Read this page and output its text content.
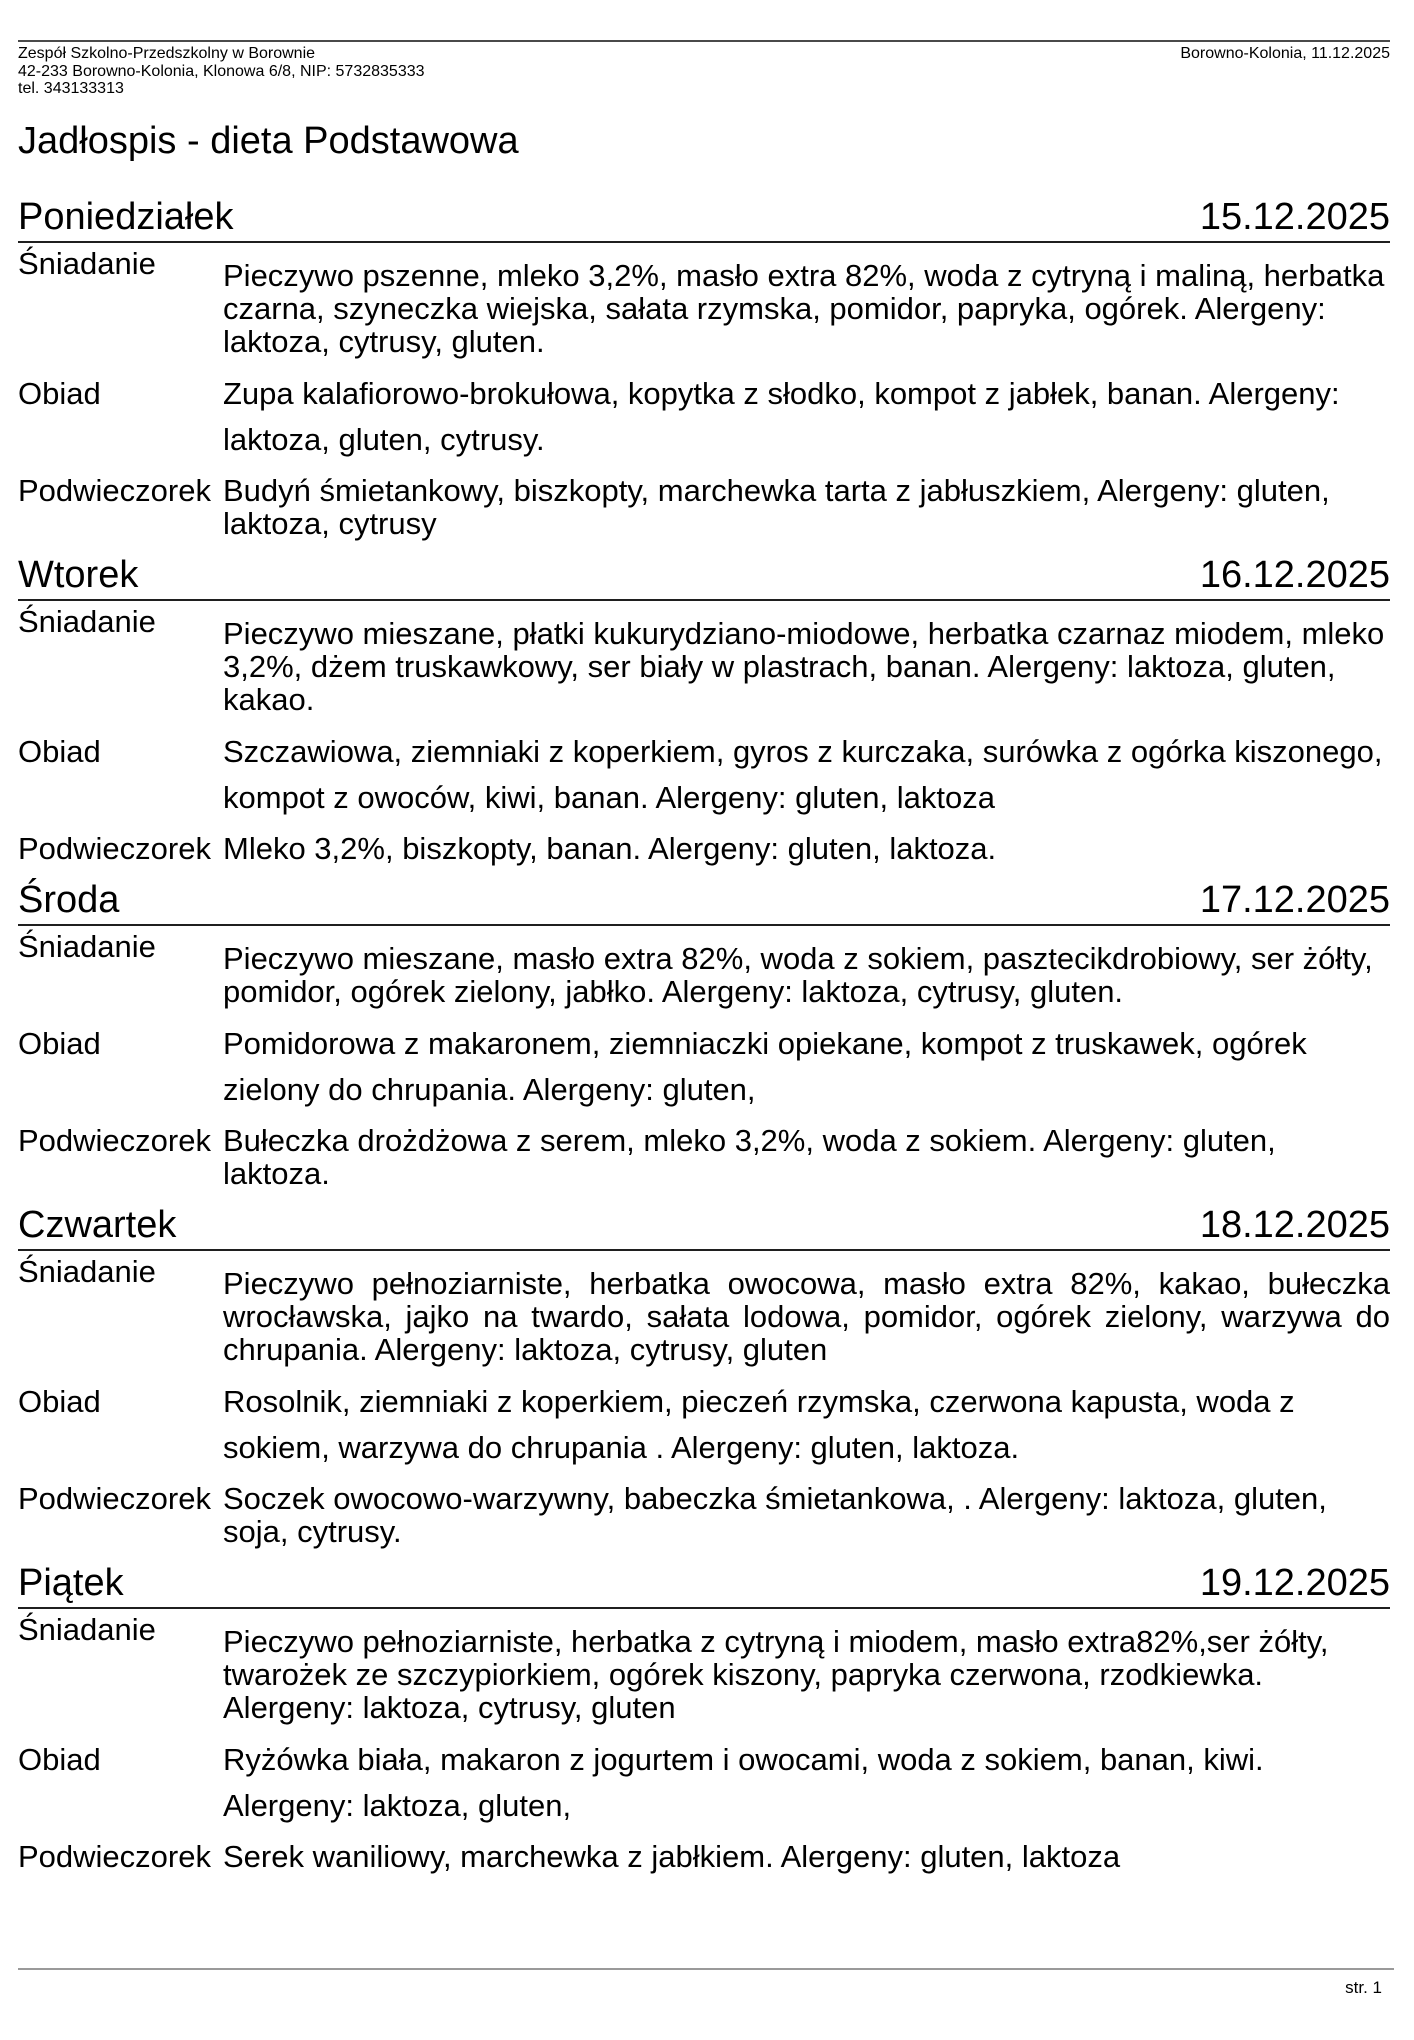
Zespół Szkolno-Przedszkolny w Borownie
42-233 Borowno-Kolonia, Klonowa 6/8, NIP: 5732835333
tel. 343133313
Borowno-Kolonia, 11.12.2025
Jadłospis - dieta Podstawowa
Poniedziałek	15.12.2025
Śniadanie	Pieczywo pszenne, mleko 3,2%, masło extra 82%, woda z cytryną i maliną, herbatka czarna, szyneczka wiejska, sałata rzymska, pomidor, papryka, ogórek. Alergeny: laktoza, cytrusy, gluten.
Obiad	Zupa kalafiorowo-brokułowa, kopytka z słodko, kompot z jabłek, banan. Alergeny: laktoza, gluten, cytrusy.
Podwieczorek	Budyń śmietankowy, biszkopty, marchewka tarta z jabłuszkiem, Alergeny: gluten, laktoza, cytrusy
Wtorek	16.12.2025
Śniadanie	Pieczywo mieszane, płatki kukurydziano-miodowe, herbatka czarnaz miodem, mleko 3,2%, dżem truskawkowy, ser biały w plastrach, banan. Alergeny: laktoza, gluten, kakao.
Obiad	Szczawiowa, ziemniaki z koperkiem, gyros z kurczaka, surówka z ogórka kiszonego, kompot z owoców, kiwi, banan. Alergeny: gluten, laktoza
Podwieczorek	Mleko 3,2%, biszkopty, banan. Alergeny: gluten, laktoza.
Środa	17.12.2025
Śniadanie	Pieczywo mieszane, masło extra 82%, woda z sokiem, pasztecikdrobiowy, ser żółty, pomidor, ogórek zielony, jabłko. Alergeny: laktoza, cytrusy, gluten.
Obiad	Pomidorowa z makaronem, ziemniaczki opiekane, kompot z truskawek, ogórek zielony do chrupania. Alergeny: gluten,
Podwieczorek	Bułeczka drożdżowa z serem, mleko 3,2%, woda z sokiem. Alergeny: gluten, laktoza.
Czwartek	18.12.2025
Śniadanie	Pieczywo pełnoziarniste, herbatka owocowa, masło extra 82%, kakao, bułeczka wrocławska, jajko na twardo, sałata lodowa, pomidor, ogórek zielony, warzywa do chrupania. Alergeny: laktoza, cytrusy, gluten
Obiad	Rosolnik, ziemniaki z koperkiem, pieczeń rzymska, czerwona kapusta, woda z sokiem, warzywa do chrupania . Alergeny: gluten, laktoza.
Podwieczorek	Soczek owocowo-warzywny, babeczka śmietankowa, . Alergeny: laktoza, gluten, soja, cytrusy.
Piątek	19.12.2025
Śniadanie	Pieczywo pełnoziarniste, herbatka z cytryną i miodem, masło extra82%,ser żółty, twarożek ze szczypiorkiem, ogórek kiszony, papryka czerwona, rzodkiewka. Alergeny: laktoza, cytrusy, gluten
Obiad	Ryżówka biała, makaron z jogurtem i owocami, woda z sokiem, banan, kiwi. Alergeny: laktoza, gluten,
Podwieczorek	Serek waniliowy, marchewka z jabłkiem. Alergeny: gluten, laktoza
str. 1
